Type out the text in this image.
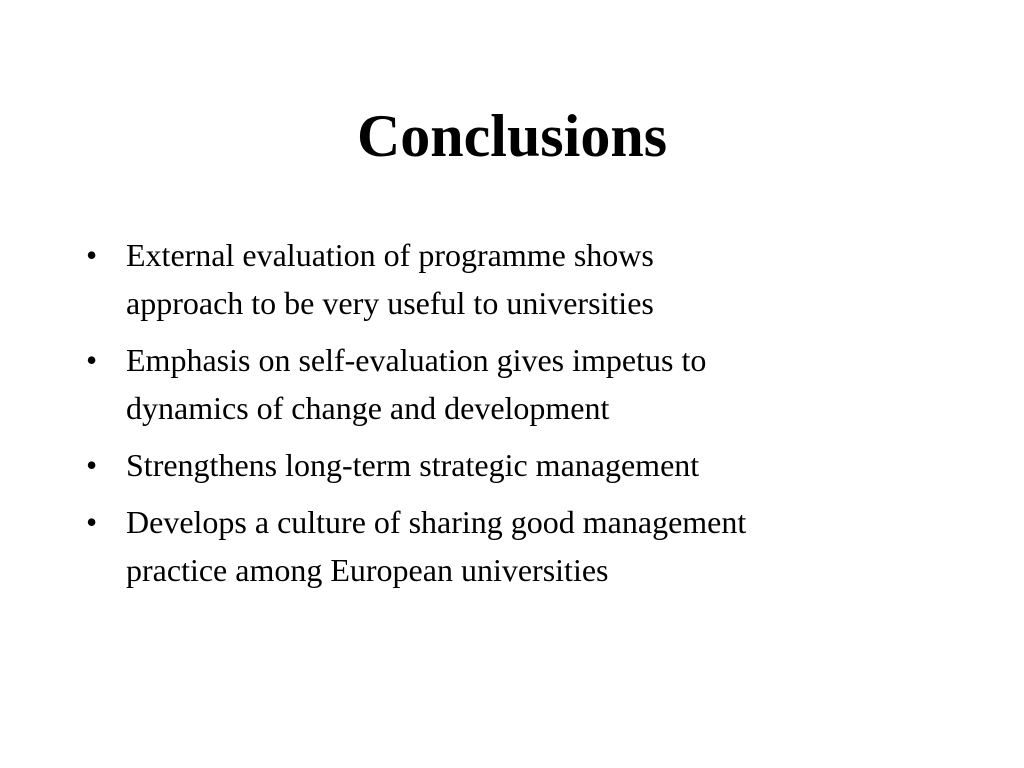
Conclusions
• External evaluation of programme shows
approach to be very useful to universities
• Emphasis on self-evaluation gives impetus to
dynamics of change and development
• Strengthens long-term strategic management
• Develops a culture of sharing good management
practice among European universities
